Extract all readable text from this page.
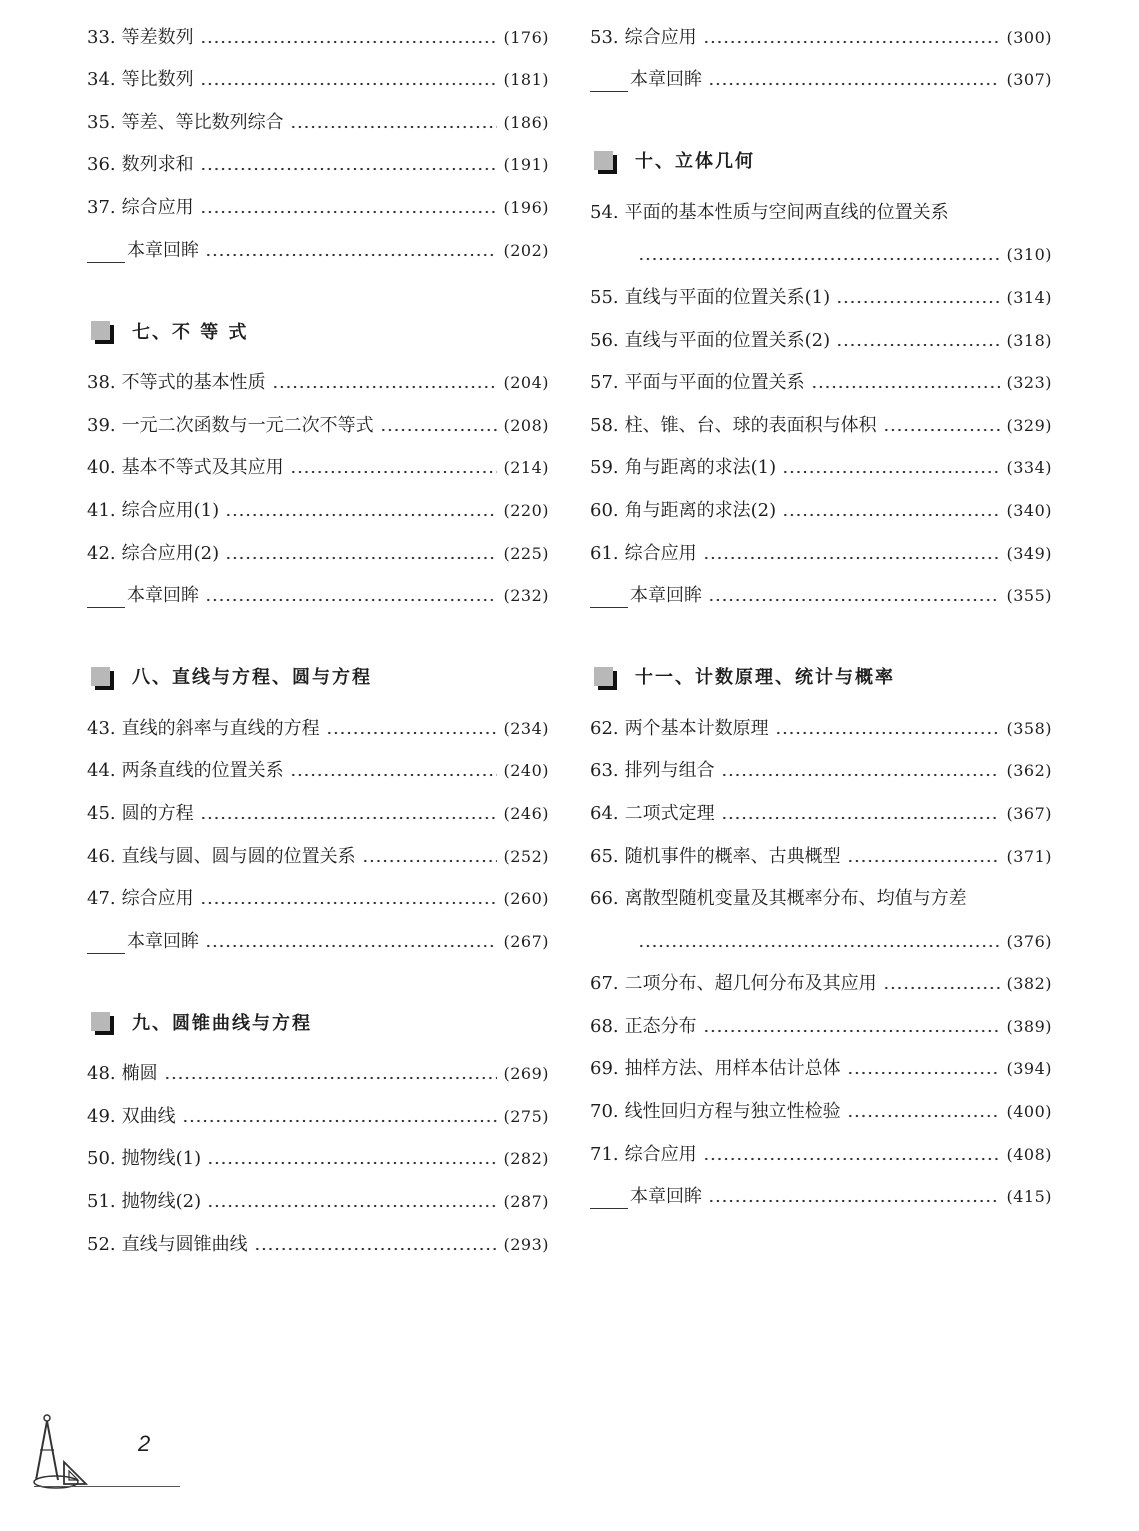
33. 等差数列	(176)
34. 等比数列	(181)
35. 等差、等比数列综合	(186)
36. 数列求和	(191)
37. 综合应用	(196)
本章回眸	(202)
七、不 等 式
38. 不等式的基本性质	(204)
39. 一元二次函数与一元二次不等式	(208)
40. 基本不等式及其应用	(214)
41. 综合应用(1)	(220)
42. 综合应用(2)	(225)
本章回眸	(232)
八、直线与方程、圆与方程
43. 直线的斜率与直线的方程	(234)
44. 两条直线的位置关系	(240)
45. 圆的方程	(246)
46. 直线与圆、圆与圆的位置关系	(252)
47. 综合应用	(260)
本章回眸	(267)
九、圆锥曲线与方程
48. 椭圆	(269)
49. 双曲线	(275)
50. 抛物线(1)	(282)
51. 抛物线(2)	(287)
52. 直线与圆锥曲线	(293)
53. 综合应用	(300)
本章回眸	(307)
十、立体几何
54. 平面的基本性质与空间两直线的位置关系
(310)
55. 直线与平面的位置关系(1)	(314)
56. 直线与平面的位置关系(2)	(318)
57. 平面与平面的位置关系	(323)
58. 柱、锥、台、球的表面积与体积	(329)
59. 角与距离的求法(1)	(334)
60. 角与距离的求法(2)	(340)
61. 综合应用	(349)
本章回眸	(355)
十一、计数原理、统计与概率
62. 两个基本计数原理	(358)
63. 排列与组合	(362)
64. 二项式定理	(367)
65. 随机事件的概率、古典概型	(371)
66. 离散型随机变量及其概率分布、均值与方差
(376)
67. 二项分布、超几何分布及其应用	(382)
68. 正态分布	(389)
69. 抽样方法、用样本估计总体	(394)
70. 线性回归方程与独立性检验	(400)
71. 综合应用	(408)
本章回眸	(415)
2
